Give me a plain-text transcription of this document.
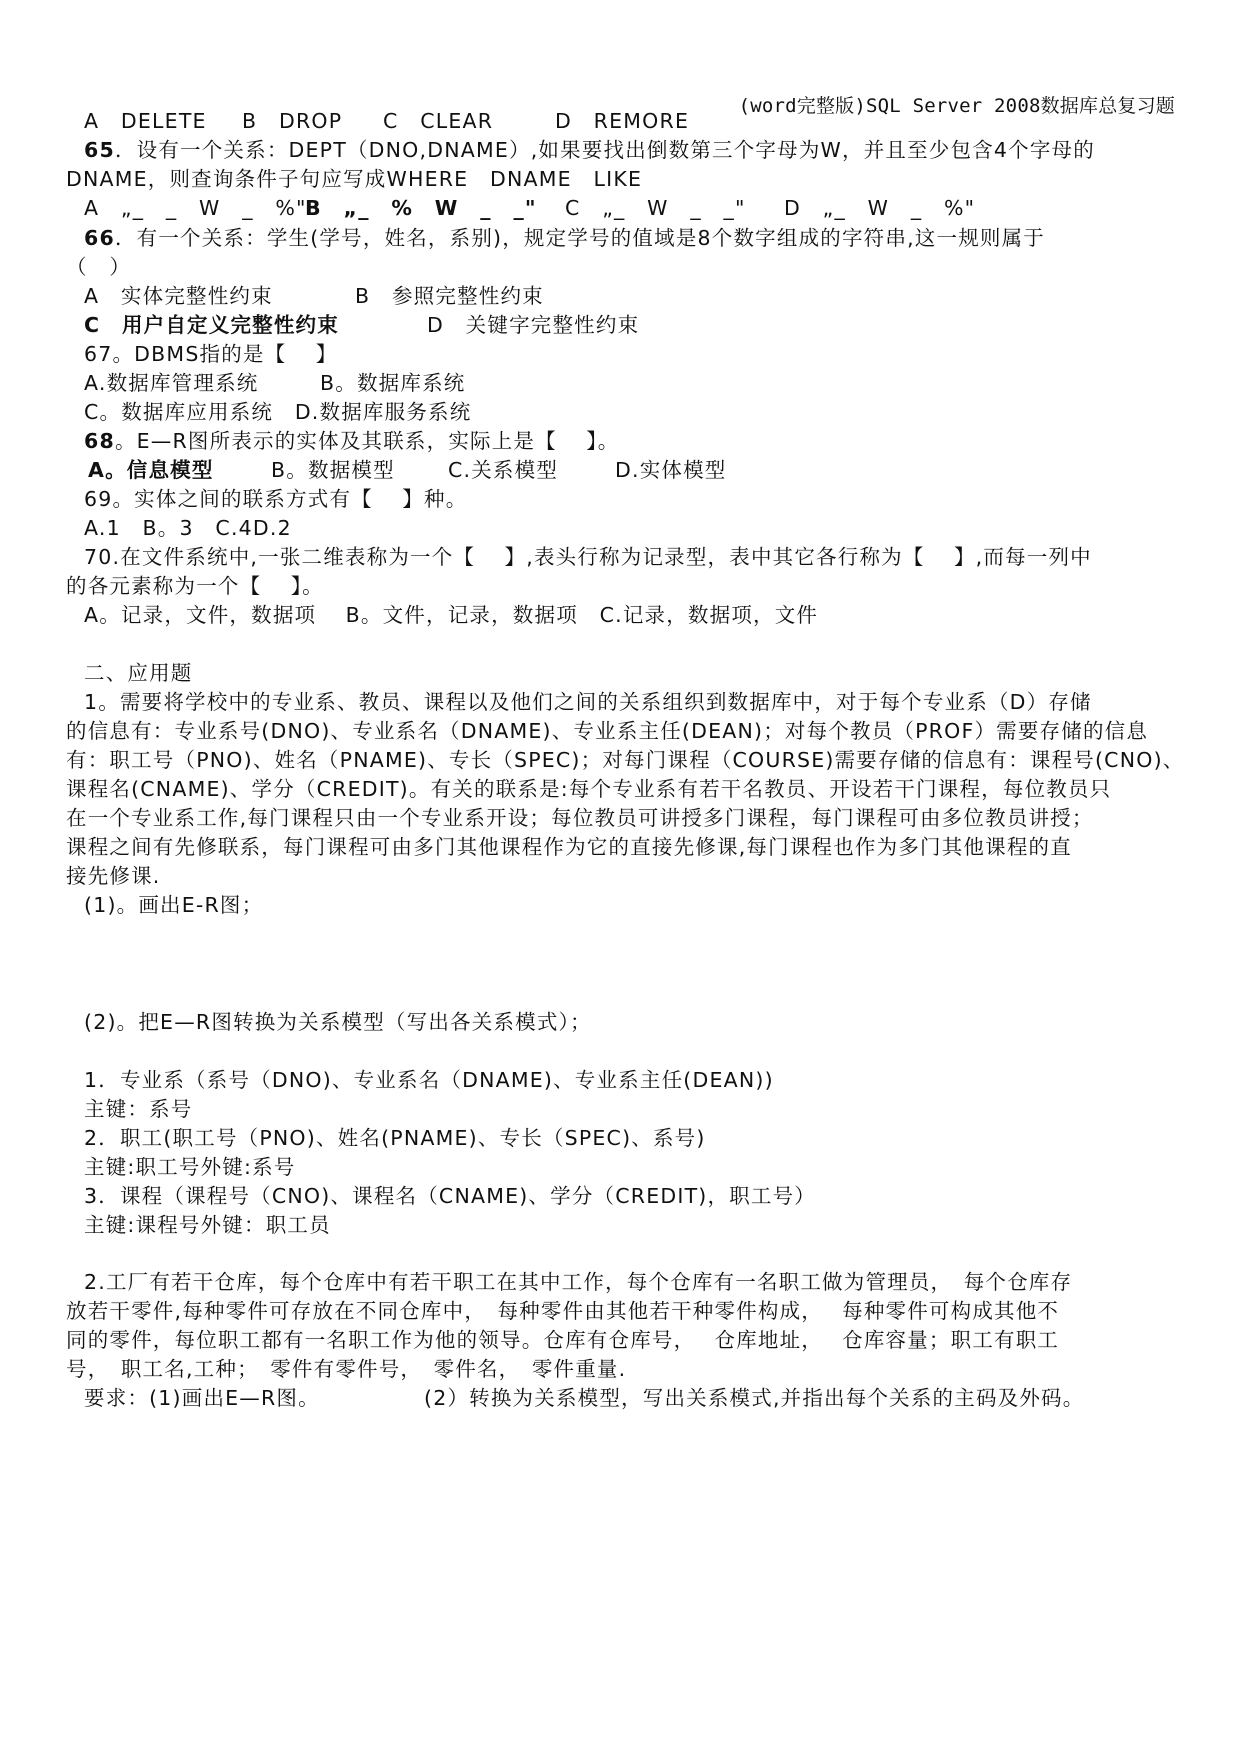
(word完整版)SQL Server 2008数据库总复习题
A　DELETE B　DROP C　CLEAR	D　REMORE
65．设有一个关系：DEPT（DNO,DNAME）,如果要找出倒数第三个字母为W，并且至少包含4个字母的
DNAME，则查询条件子句应写成WHERE　DNAME　LIKE
A　„_　_　W　_　%"B　„_　%　W　_　_" C　„_　W　_　_" D　„_　W　_　%"
66．有一个关系：学生(学号，姓名，系别)，规定学号的值域是8个数字组成的字符串,这一规则属于
（　）
A　实体完整性约束	B　参照完整性约束
C　用户自定义完整性约束	D　关键字完整性约束
67。DBMS指的是【　 】
A.数据库管理系统	B。数据库系统
C。数据库应用系统　D.数据库服务系统
68。E—R图所表示的实体及其联系，实际上是【　 】。
A。信息模型	B。数据模型	C.关系模型	D.实体模型
69。实体之间的联系方式有【　 】种。
A.1　B。3　C.4D.2
70.在文件系统中,一张二维表称为一个【　 】,表头行称为记录型，表中其它各行称为【　 】,而每一列中
的各元素称为一个【　 】。
A。记录，文件，数据项　 B。文件，记录，数据项　C.记录，数据项，文件
二、应用题
1。需要将学校中的专业系、教员、课程以及他们之间的关系组织到数据库中，对于每个专业系（D）存储
的信息有：专业系号(DNO)、专业系名（DNAME)、专业系主任(DEAN)；对每个教员（PROF）需要存储的信息
有：职工号（PNO)、姓名（PNAME)、专长（SPEC)；对每门课程（COURSE)需要存储的信息有：课程号(CNO)、
课程名(CNAME)、学分（CREDIT)。有关的联系是:每个专业系有若干名教员、开设若干门课程，每位教员只
在一个专业系工作,每门课程只由一个专业系开设；每位教员可讲授多门课程，每门课程可由多位教员讲授；
课程之间有先修联系，每门课程可由多门其他课程作为它的直接先修课,每门课程也作为多门其他课程的直
接先修课.
(1)。画出E-R图；
(2)。把E—R图转换为关系模型（写出各关系模式）；
1．专业系（系号（DNO)、专业系名（DNAME)、专业系主任(DEAN))
主键：系号
2．职工(职工号（PNO)、姓名(PNAME)、专长（SPEC)、系号)
主键:职工号外键:系号
3．课程（课程号（CNO)、课程名（CNAME)、学分（CREDIT)，职工号）
主键:课程号外键：职工员
2.工厂有若干仓库，每个仓库中有若干职工在其中工作，每个仓库有一名职工做为管理员，　每个仓库存
放若干零件,每种零件可存放在不同仓库中，　每种零件由其他若干种零件构成，　 每种零件可构成其他不
同的零件，每位职工都有一名职工作为他的领导。仓库有仓库号，　 仓库地址，　 仓库容量；职工有职工
号，　职工名,工种；　零件有零件号，　零件名，　零件重量.
要求：(1)画出E—R图。	(2）转换为关系模型，写出关系模式,并指出每个关系的主码及外码。
